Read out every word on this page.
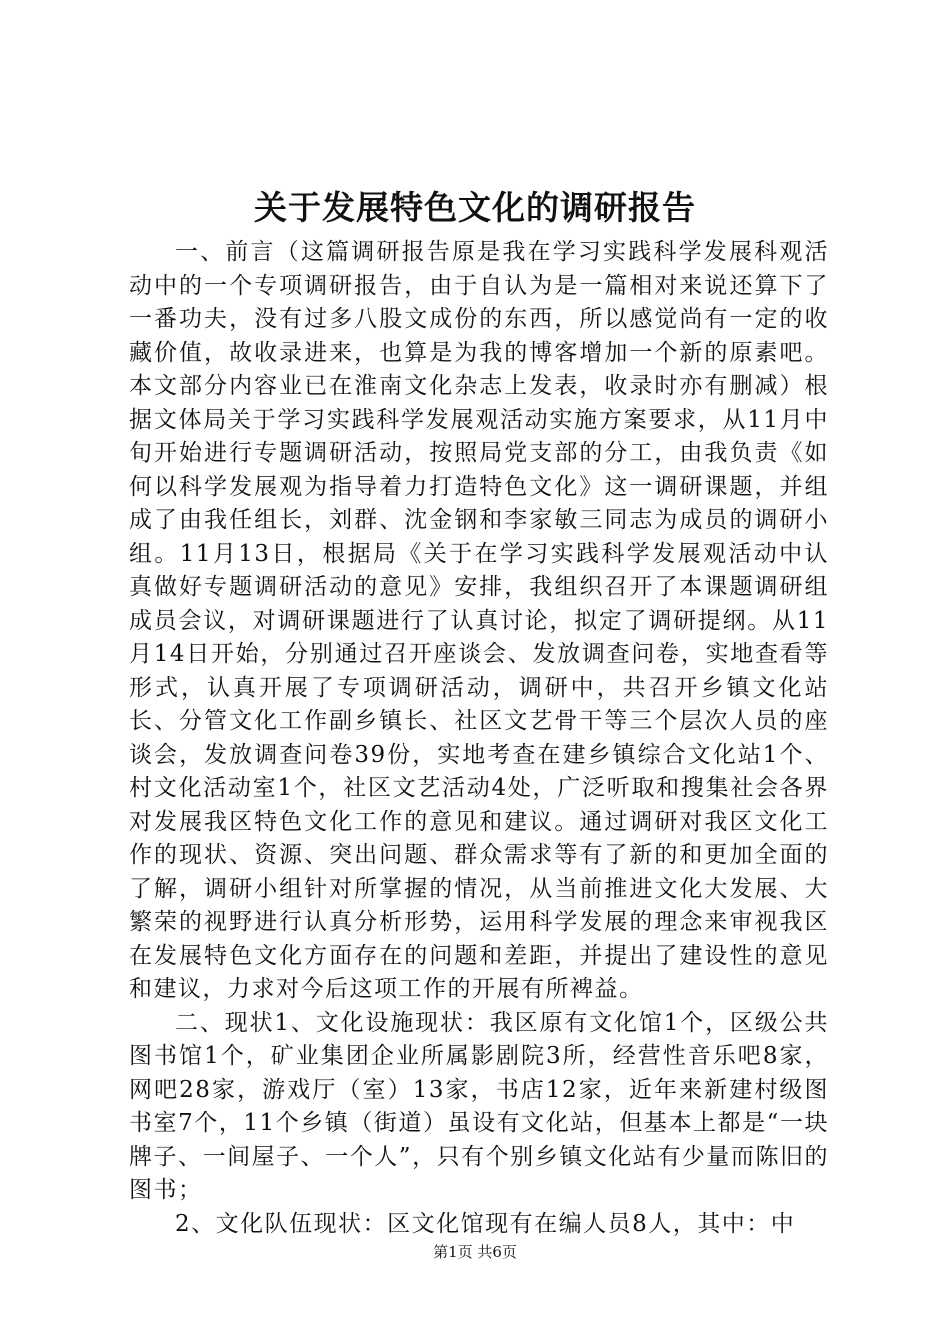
关于发展特色文化的调研报告

一、前言（这篇调研报告原是我在学习实践科学发展科观活动中的一个专项调研报告，由于自认为是一篇相对来说还算下了一番功夫，没有过多八股文成份的东西，所以感觉尚有一定的收藏价值，故收录进来，也算是为我的博客增加一个新的原素吧。本文部分内容业已在淮南文化杂志上发表，收录时亦有删减）根据文体局关于学习实践科学发展观活动实施方案要求，从11月中旬开始进行专题调研活动，按照局党支部的分工，由我负责《如何以科学发展观为指导着力打造特色文化》这一调研课题，并组成了由我任组长，刘群、沈金钢和李家敏三同志为成员的调研小组。11月13日，根据局《关于在学习实践科学发展观活动中认真做好专题调研活动的意见》安排，我组织召开了本课题调研组成员会议，对调研课题进行了认真讨论，拟定了调研提纲。从11月14日开始，分别通过召开座谈会、发放调查问卷，实地查看等形式，认真开展了专项调研活动，调研中，共召开乡镇文化站长、分管文化工作副乡镇长、社区文艺骨干等三个层次人员的座谈会，发放调查问卷39份，实地考查在建乡镇综合文化站1个、村文化活动室1个，社区文艺活动4处，广泛听取和搜集社会各界对发展我区特色文化工作的意见和建议。通过调研对我区文化工作的现状、资源、突出问题、群众需求等有了新的和更加全面的了解，调研小组针对所掌握的情况，从当前推进文化大发展、大繁荣的视野进行认真分析形势，运用科学发展的理念来审视我区在发展特色文化方面存在的问题和差距，并提出了建设性的意见和建议，力求对今后这项工作的开展有所裨益。

二、现状1、文化设施现状：我区原有文化馆1个，区级公共图书馆1个，矿业集团企业所属影剧院3所，经营性音乐吧8家，网吧28家，游戏厅（室）13家，书店12家，近年来新建村级图书室7个，11个乡镇（街道）虽设有文化站，但基本上都是“一块牌子、一间屋子、一个人”，只有个别乡镇文化站有少量而陈旧的图书；

2、文化队伍现状：区文化馆现有在编人员8人，其中：中

第1页 共6页
